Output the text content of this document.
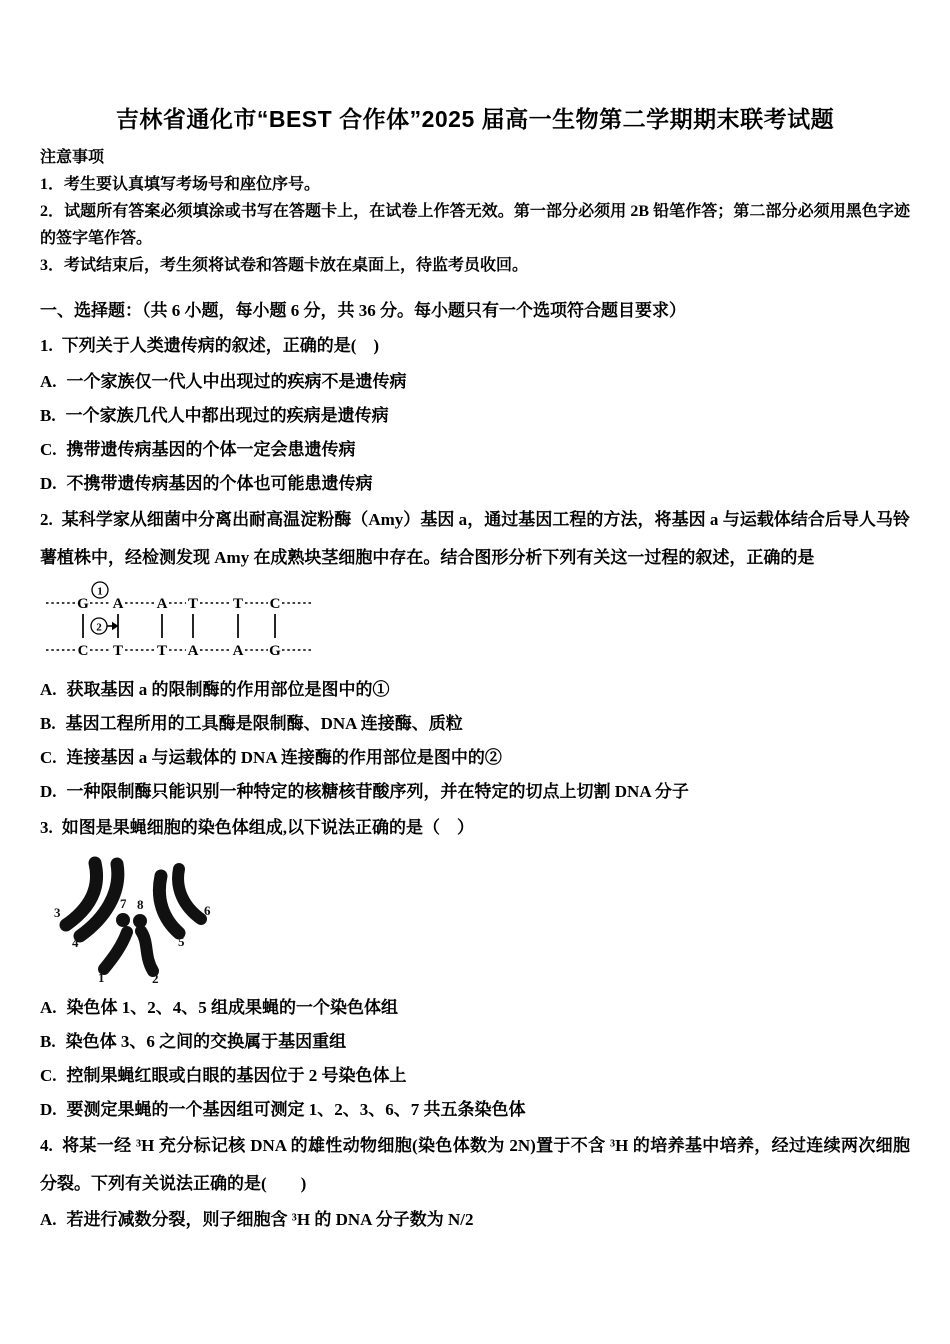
吉林省通化市“BEST 合作体”2025 届高一生物第二学期期末联考试题
注意事项
1．考生要认真填写考场号和座位序号。
2．试题所有答案必须填涂或书写在答题卡上，在试卷上作答无效。第一部分必须用 2B 铅笔作答；第二部分必须用黑色字迹的签字笔作答。
3．考试结束后，考生须将试卷和答题卡放在桌面上，待监考员收回。
一、选择题：（共 6 小题，每小题 6 分，共 36 分。每小题只有一个选项符合题目要求）
1. 下列关于人类遗传病的叙述，正确的是(　)
A. 一个家族仅一代人中出现过的疾病不是遗传病
B. 一个家族几代人中都出现过的疾病是遗传病
C. 携带遗传病基因的个体一定会患遗传病
D. 不携带遗传病基因的个体也可能患遗传病
2. 某科学家从细菌中分离出耐高温淀粉酶（Amy）基因 a，通过基因工程的方法，将基因 a 与运载体结合后导人马铃薯植株中，经检测发现 Amy 在成熟块茎细胞中存在。结合图形分析下列有关这一过程的叙述，正确的是
1
2
G A A T T C
C T T A A G
A. 获取基因 a 的限制酶的作用部位是图中的①
B. 基因工程所用的工具酶是限制酶、DNA 连接酶、质粒
C. 连接基因 a 与运载体的 DNA 连接酶的作用部位是图中的②
D. 一种限制酶只能识别一种特定的核糖核苷酸序列，并在特定的切点上切割 DNA 分子
3. 如图是果蝇细胞的染色体组成,以下说法正确的是（　）
3
4
7 8	6
5
1	2
A. 染色体 1、2、4、5 组成果蝇的一个染色体组
B. 染色体 3、6 之间的交换属于基因重组
C. 控制果蝇红眼或白眼的基因位于 2 号染色体上
D. 要测定果蝇的一个基因组可测定 1、2、3、6、7 共五条染色体
4. 将某一经 ³H 充分标记核 DNA 的雄性动物细胞(染色体数为 2N)置于不含 ³H 的培养基中培养，经过连续两次细胞分裂。下列有关说法正确的是(　　)
A. 若进行减数分裂，则子细胞含 ³H 的 DNA 分子数为 N/2
